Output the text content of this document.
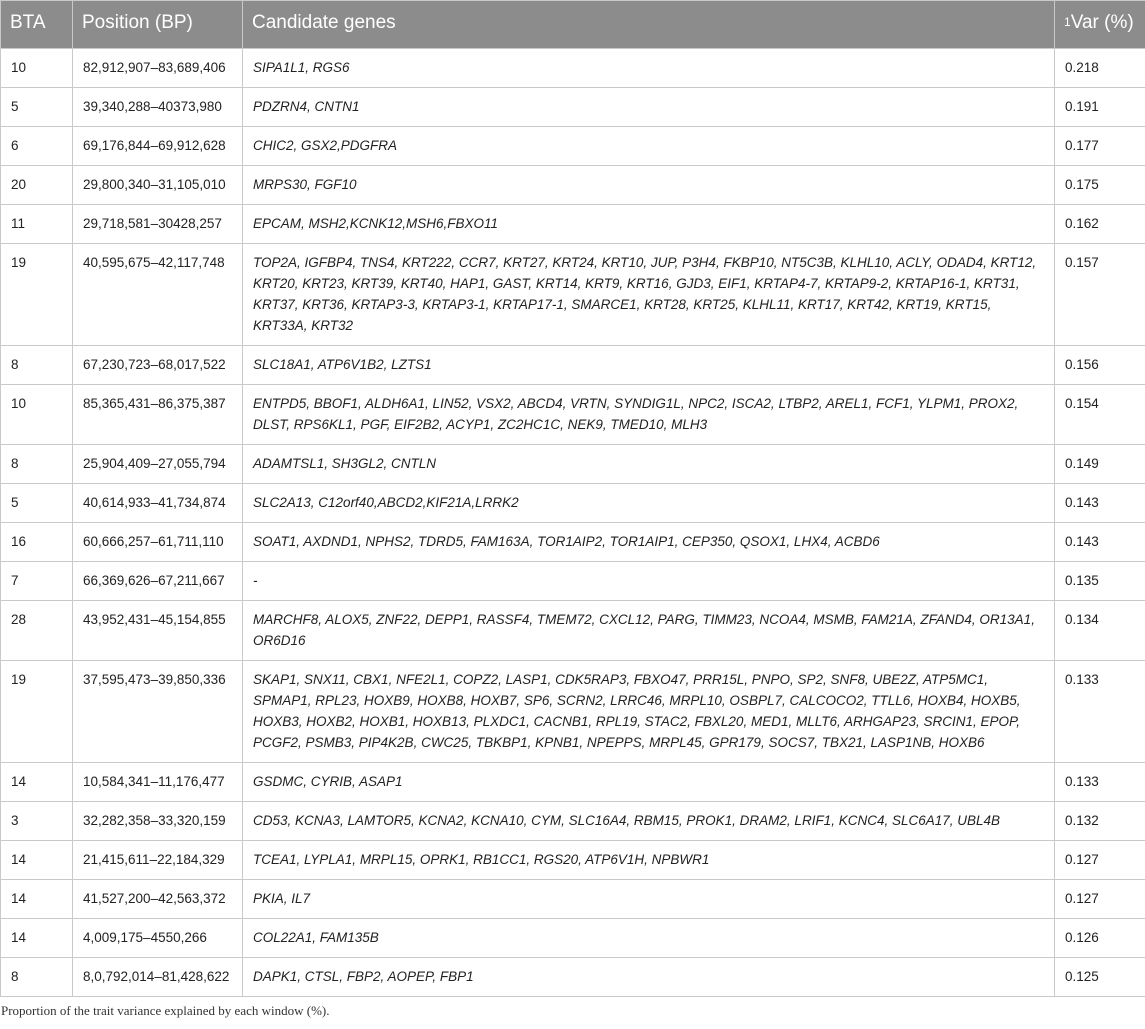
BTA	Position (BP)	Candidate genes	$^1$Var (%)
10	82,912,907–83,689,406	SIPA1L1, RGS6	0.218
5	39,340,288–40373,980	PDZRN4, CNTN1	0.191
6	69,176,844–69,912,628	CHIC2, GSX2,PDGFRA	0.177
20	29,800,340–31,105,010	MRPS30, FGF10	0.175
11	29,718,581–30428,257	EPCAM, MSH2,KCNK12,MSH6,FBXO11	0.162
19	40,595,675–42,117,748	TOP2A, IGFBP4, TNS4, KRT222, CCR7, KRT27, KRT24, KRT10, JUP, P3H4, FKBP10, NT5C3B, KLHL10, ACLY, ODAD4, KRT12, KRT20, KRT23, KRT39, KRT40, HAP1, GAST, KRT14, KRT9, KRT16, GJD3, EIF1, KRTAP4-7, KRTAP9-2, KRTAP16-1, KRT31, KRT37, KRT36, KRTAP3-3, KRTAP3-1, KRTAP17-1, SMARCE1, KRT28, KRT25, KLHL11, KRT17, KRT42, KRT19, KRT15, KRT33A, KRT32	0.157
8	67,230,723–68,017,522	SLC18A1, ATP6V1B2, LZTS1	0.156
10	85,365,431–86,375,387	ENTPD5, BBOF1, ALDH6A1, LIN52, VSX2, ABCD4, VRTN, SYNDIG1L, NPC2, ISCA2, LTBP2, AREL1, FCF1, YLPM1, PROX2, DLST, RPS6KL1, PGF, EIF2B2, ACYP1, ZC2HC1C, NEK9, TMED10, MLH3	0.154
8	25,904,409–27,055,794	ADAMTSL1, SH3GL2, CNTLN	0.149
5	40,614,933–41,734,874	SLC2A13, C12orf40,ABCD2,KIF21A,LRRK2	0.143
16	60,666,257–61,711,110	SOAT1, AXDND1, NPHS2, TDRD5, FAM163A, TOR1AIP2, TOR1AIP1, CEP350, QSOX1, LHX4, ACBD6	0.143
7	66,369,626–67,211,667	-	0.135
28	43,952,431–45,154,855	MARCHF8, ALOX5, ZNF22, DEPP1, RASSF4, TMEM72, CXCL12, PARG, TIMM23, NCOA4, MSMB, FAM21A, ZFAND4, OR13A1, OR6D16	0.134
19	37,595,473–39,850,336	SKAP1, SNX11, CBX1, NFE2L1, COPZ2, LASP1, CDK5RAP3, FBXO47, PRR15L, PNPO, SP2, SNF8, UBE2Z, ATP5MC1, SPMAP1, RPL23, HOXB9, HOXB8, HOXB7, SP6, SCRN2, LRRC46, MRPL10, OSBPL7, CALCOCO2, TTLL6, HOXB4, HOXB5, HOXB3, HOXB2, HOXB1, HOXB13, PLXDC1, CACNB1, RPL19, STAC2, FBXL20, MED1, MLLT6, ARHGAP23, SRCIN1, EPOP, PCGF2, PSMB3, PIP4K2B, CWC25, TBKBP1, KPNB1, NPEPPS, MRPL45, GPR179, SOCS7, TBX21, LASP1NB, HOXB6	0.133
14	10,584,341–11,176,477	GSDMC, CYRIB, ASAP1	0.133
3	32,282,358–33,320,159	CD53, KCNA3, LAMTOR5, KCNA2, KCNA10, CYM, SLC16A4, RBM15, PROK1, DRAM2, LRIF1, KCNC4, SLC6A17, UBL4B	0.132
14	21,415,611–22,184,329	TCEA1, LYPLA1, MRPL15, OPRK1, RB1CC1, RGS20, ATP6V1H, NPBWR1	0.127
14	41,527,200–42,563,372	PKIA, IL7	0.127
14	4,009,175–4550,266	COL22A1, FAM135B	0.126
8	8,0,792,014–81,428,622	DAPK1, CTSL, FBP2, AOPEP, FBP1	0.125
Proportion of the trait variance explained by each window (%).
